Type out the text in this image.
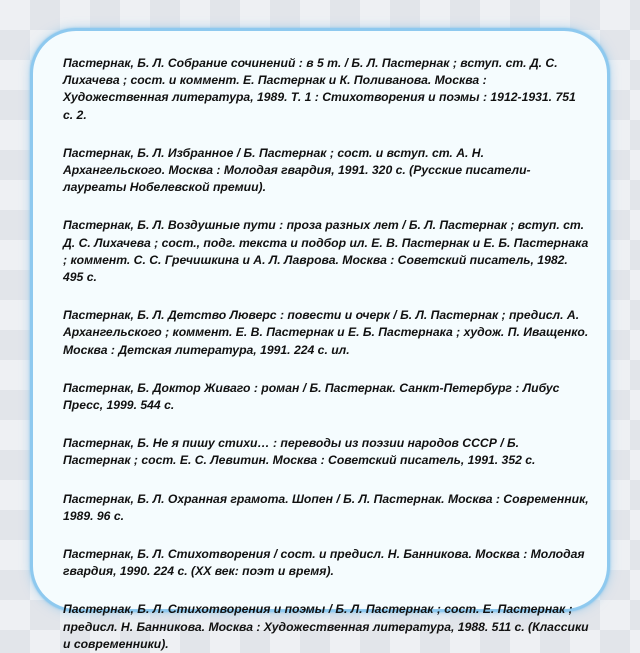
Пастернак, Б. Л. Собрание сочинений : в 5 т. / Б. Л. Пастернак ; вступ. ст. Д. С. Лихачева ; сост. и коммент. Е. Пастернак и К. Поливанова. Москва : Художественная литература, 1989. Т. 1 : Стихотворения и поэмы : 1912-1931. 751 с. 2.
Пастернак, Б. Л. Избранное / Б. Пастернак ; сост. и вступ. ст. А. Н. Архангельского. Москва : Молодая гвардия, 1991. 320 с. (Русские писатели-лауреаты Нобелевской премии).
Пастернак, Б. Л. Воздушные пути : проза разных лет / Б. Л. Пастернак ; вступ. ст. Д. С. Лихачева ; сост., подг. текста и подбор ил. Е. В. Пастернак и Е. Б. Пастернака ; коммент. С. С. Гречишкина и А. Л. Лаврова. Москва : Советский писатель, 1982. 495 с.
Пастернак, Б. Л. Детство Люверс : повести и очерк / Б. Л. Пастернак ; предисл. А. Архангельского ; коммент. Е. В. Пастернак и Е. Б. Пастернака ; худож. П. Иващенко. Москва : Детская литература, 1991. 224 с. ил.
Пастернак, Б. Доктор Живаго : роман / Б. Пастернак. Санкт-Петербург : Либус Пресс, 1999. 544 с.
Пастернак, Б. Не я пишу стихи… : переводы из поэзии народов СССР / Б. Пастернак ; сост. Е. С. Левитин. Москва : Советский писатель, 1991. 352 с.
Пастернак, Б. Л. Охранная грамота. Шопен / Б. Л. Пастернак. Москва : Современник, 1989. 96 с.
Пастернак, Б. Л. Стихотворения / сост. и предисл. Н. Банникова. Москва : Молодая гвардия, 1990. 224 с. (XX век: поэт и время).
Пастернак, Б. Л. Стихотворения и поэмы / Б. Л. Пастернак ; сост. Е. Пастернак ; предисл. Н. Банникова. Москва : Художественная литература, 1988. 511 с. (Классики и современники).
